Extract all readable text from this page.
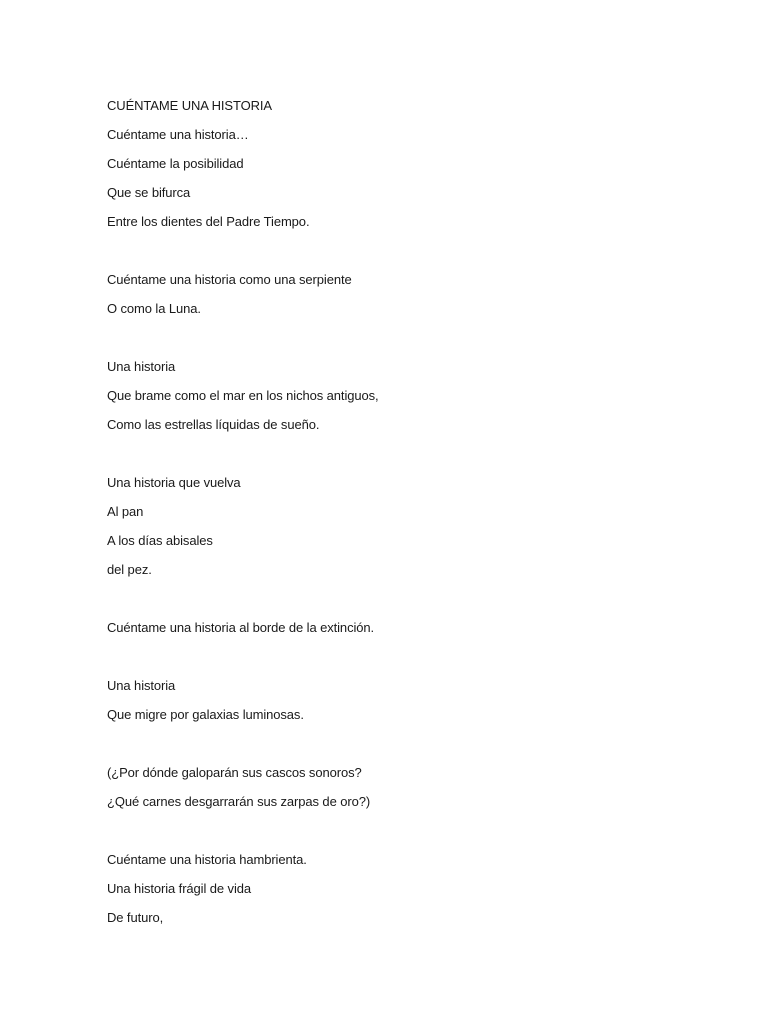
CUÉNTAME UNA HISTORIA
Cuéntame una historia…
Cuéntame la posibilidad
Que se bifurca
Entre los dientes del Padre Tiempo.
Cuéntame una historia como una serpiente
O como la Luna.
Una historia
Que brame como el mar en los nichos antiguos,
Como las estrellas líquidas de sueño.
Una historia que vuelva
Al pan
A los días abisales
del pez.
Cuéntame una historia al borde de la extinción.
Una historia
Que migre por galaxias luminosas.
(¿Por dónde galoparán sus cascos sonoros?
¿Qué carnes desgarrarán sus zarpas de oro?)
Cuéntame una historia hambrienta.
Una historia frágil de vida
De futuro,
